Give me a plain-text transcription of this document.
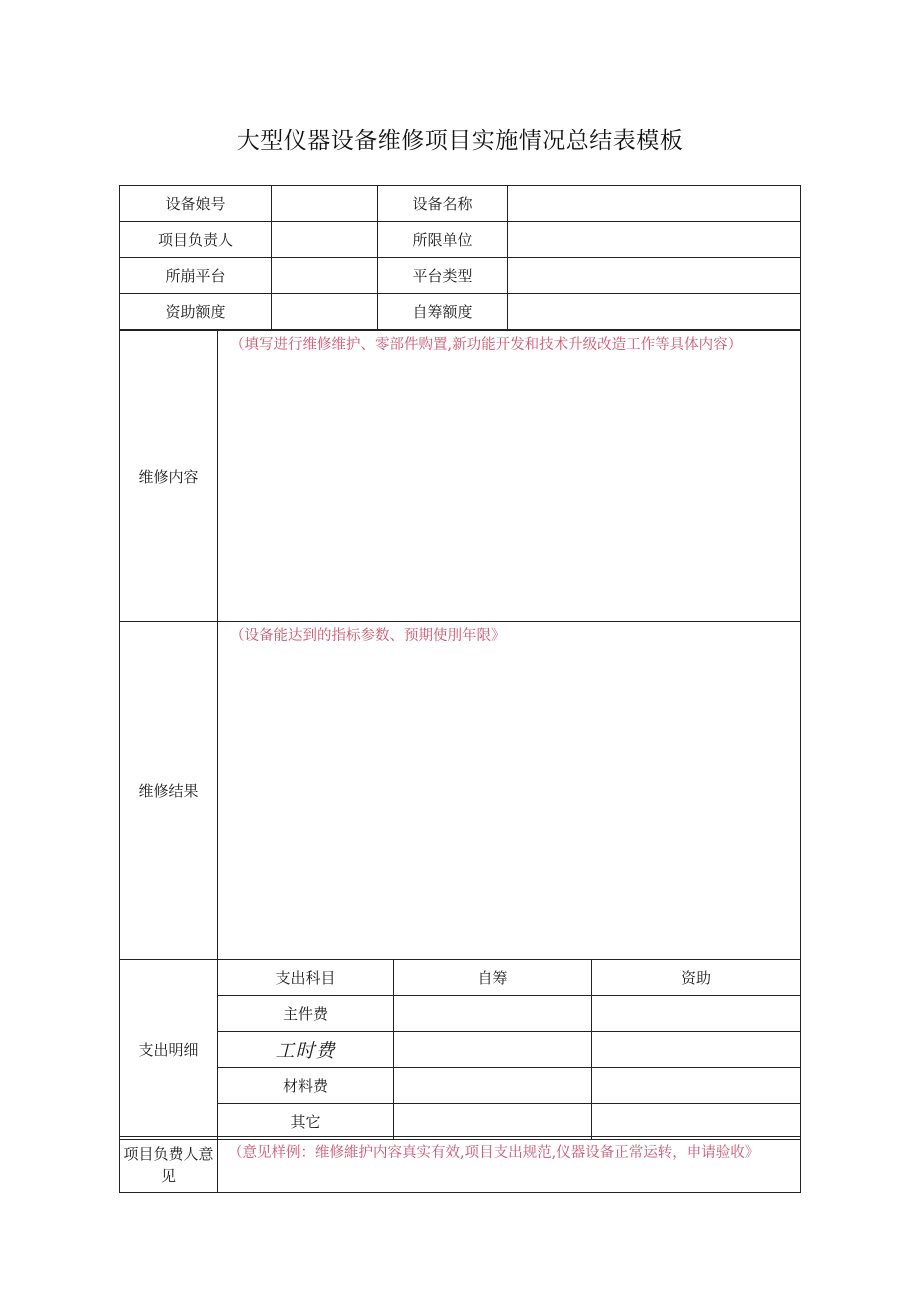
大型仪器设备维修项目实施情况总结表模板
设备娘号		设备名称	
项目负责人		所限单位	
所崩平台		平台类型	
资助额度		自筹额度	
维修内容	（填写进行维修维护、零部件购置,新功能开发和技术升级改造工作等具体内容）		
维修结果	（设备能达到的指标参数、预期使刖年限》		
支出明细	支出科目	自筹	资助
	主件费		
	工时费		
	材料费		
	其它		
项目负费人意见	（意见样例：维修維护内容真实有效,项目支出规范,仪器设备正常运转，申请验收》
